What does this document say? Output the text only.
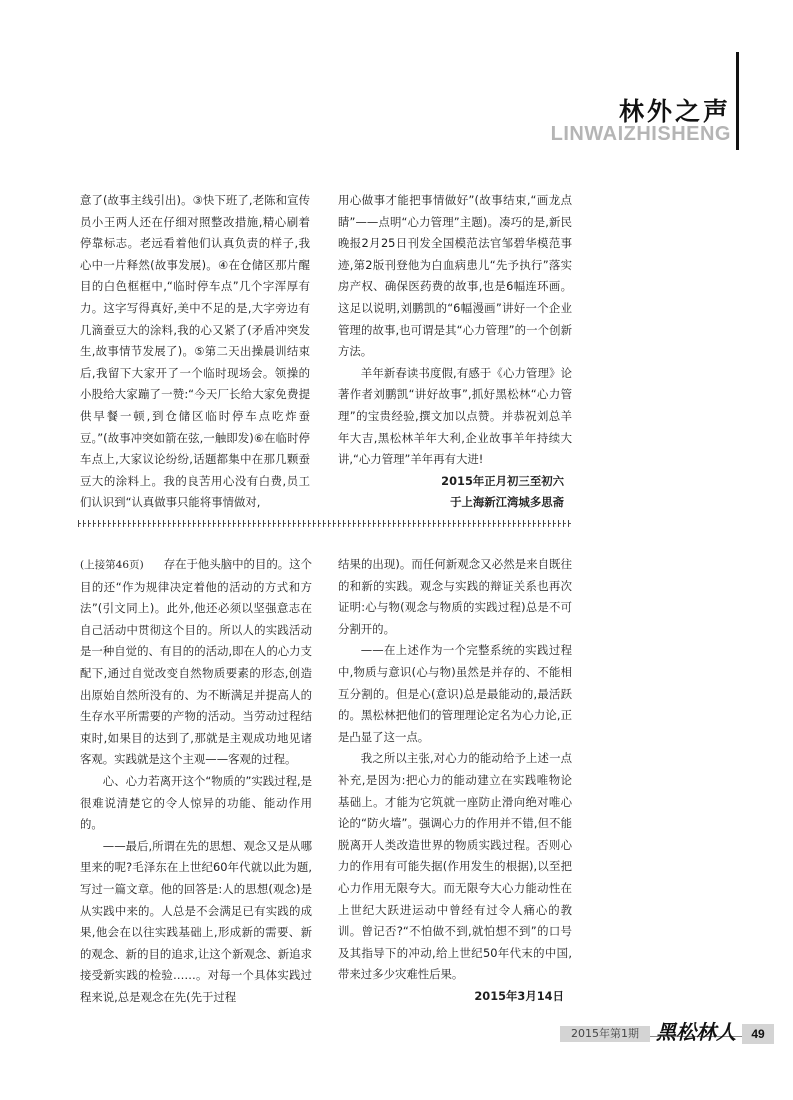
林外之声
LINWAIZHISHENG

意了(故事主线引出)。③快下班了,老陈和宣传员小王两人还在仔细对照整改措施,精心刷着停靠标志。老远看着他们认真负责的样子,我心中一片释然(故事发展)。④在仓储区那片醒目的白色框框中,“临时停车点”几个字浑厚有力。这字写得真好,美中不足的是,大字旁边有几滴蚕豆大的涂料,我的心又紧了(矛盾冲突发生,故事情节发展了)。⑤第二天出操晨训结束后,我留下大家开了一个临时现场会。领操的小股给大家蹦了一赞:“今天厂长给大家免费提供早餐一顿,到仓储区临时停车点吃炸蚕豆。”(故事冲突如箭在弦,一触即发)⑥在临时停车点上,大家议论纷纷,话题都集中在那几颗蚕豆大的涂料上。我的良苦用心没有白费,员工们认识到“认真做事只能将事情做对,

用心做事才能把事情做好”(故事结束,“画龙点睛”——点明“心力管理”主题)。凑巧的是,新民晚报2月25日刊发全国模范法官邹碧华模范事迹,第2版刊登他为白血病患儿“先予执行”落实房产权、确保医药费的故事,也是6幅连环画。这足以说明,刘鹏凯的“6幅漫画”讲好一个企业管理的故事,也可谓是其“心力管理”的一个创新方法。

羊年新春读书度假,有感于《心力管理》论著作者刘鹏凯“讲好故事”,抓好黑松林“心力管理”的宝贵经验,撰文加以点赞。并恭祝刘总羊年大吉,黑松林羊年大利,企业故事羊年持续大讲,“心力管理”羊年再有大进!

2015年正月初三至初六

于上海新江湾城多思斋

(上接第46页) 存在于他头脑中的目的。这个目的还“作为规律决定着他的活动的方式和方法”(引文同上)。此外,他还必须以坚强意志在自己活动中贯彻这个目的。所以人的实践活动是一种自觉的、有目的的活动,即在人的心力支配下,通过自觉改变自然物质要素的形态,创造出原始自然所没有的、为不断满足并提高人的生存水平所需要的产物的活动。当劳动过程结束时,如果目的达到了,那就是主观成功地见诸客观。实践就是这个主观——客观的过程。

心、心力若离开这个“物质的”实践过程,是很难说清楚它的令人惊异的功能、能动作用的。

——最后,所谓在先的思想、观念又是从哪里来的呢?毛泽东在上世纪60年代就以此为题,写过一篇文章。他的回答是:人的思想(观念)是从实践中来的。人总是不会满足已有实践的成果,他会在以往实践基础上,形成新的需要、新的观念、新的目的追求,让这个新观念、新追求接受新实践的检验……。对每一个具体实践过程来说,总是观念在先(先于过程

结果的出现)。而任何新观念又必然是来自既往的和新的实践。观念与实践的辩证关系也再次证明:心与物(观念与物质的实践过程)总是不可分割开的。

——在上述作为一个完整系统的实践过程中,物质与意识(心与物)虽然是并存的、不能相互分割的。但是心(意识)总是最能动的,最活跃的。黑松林把他们的管理理论定名为心力论,正是凸显了这一点。

我之所以主张,对心力的能动给予上述一点补充,是因为:把心力的能动建立在实践唯物论基础上。才能为它筑就一座防止滑向绝对唯心论的“防火墙”。强调心力的作用并不错,但不能脱离开人类改造世界的物质实践过程。否则心力的作用有可能失据(作用发生的根据),以至把心力作用无限夸大。而无限夸大心力能动性在上世纪大跃进运动中曾经有过令人痛心的教训。曾记否?“不怕做不到,就怕想不到”的口号及其指导下的冲动,给上世纪50年代末的中国,带来过多少灾难性后果。

2015年3月14日

2015年第1期 黑松林人	49
